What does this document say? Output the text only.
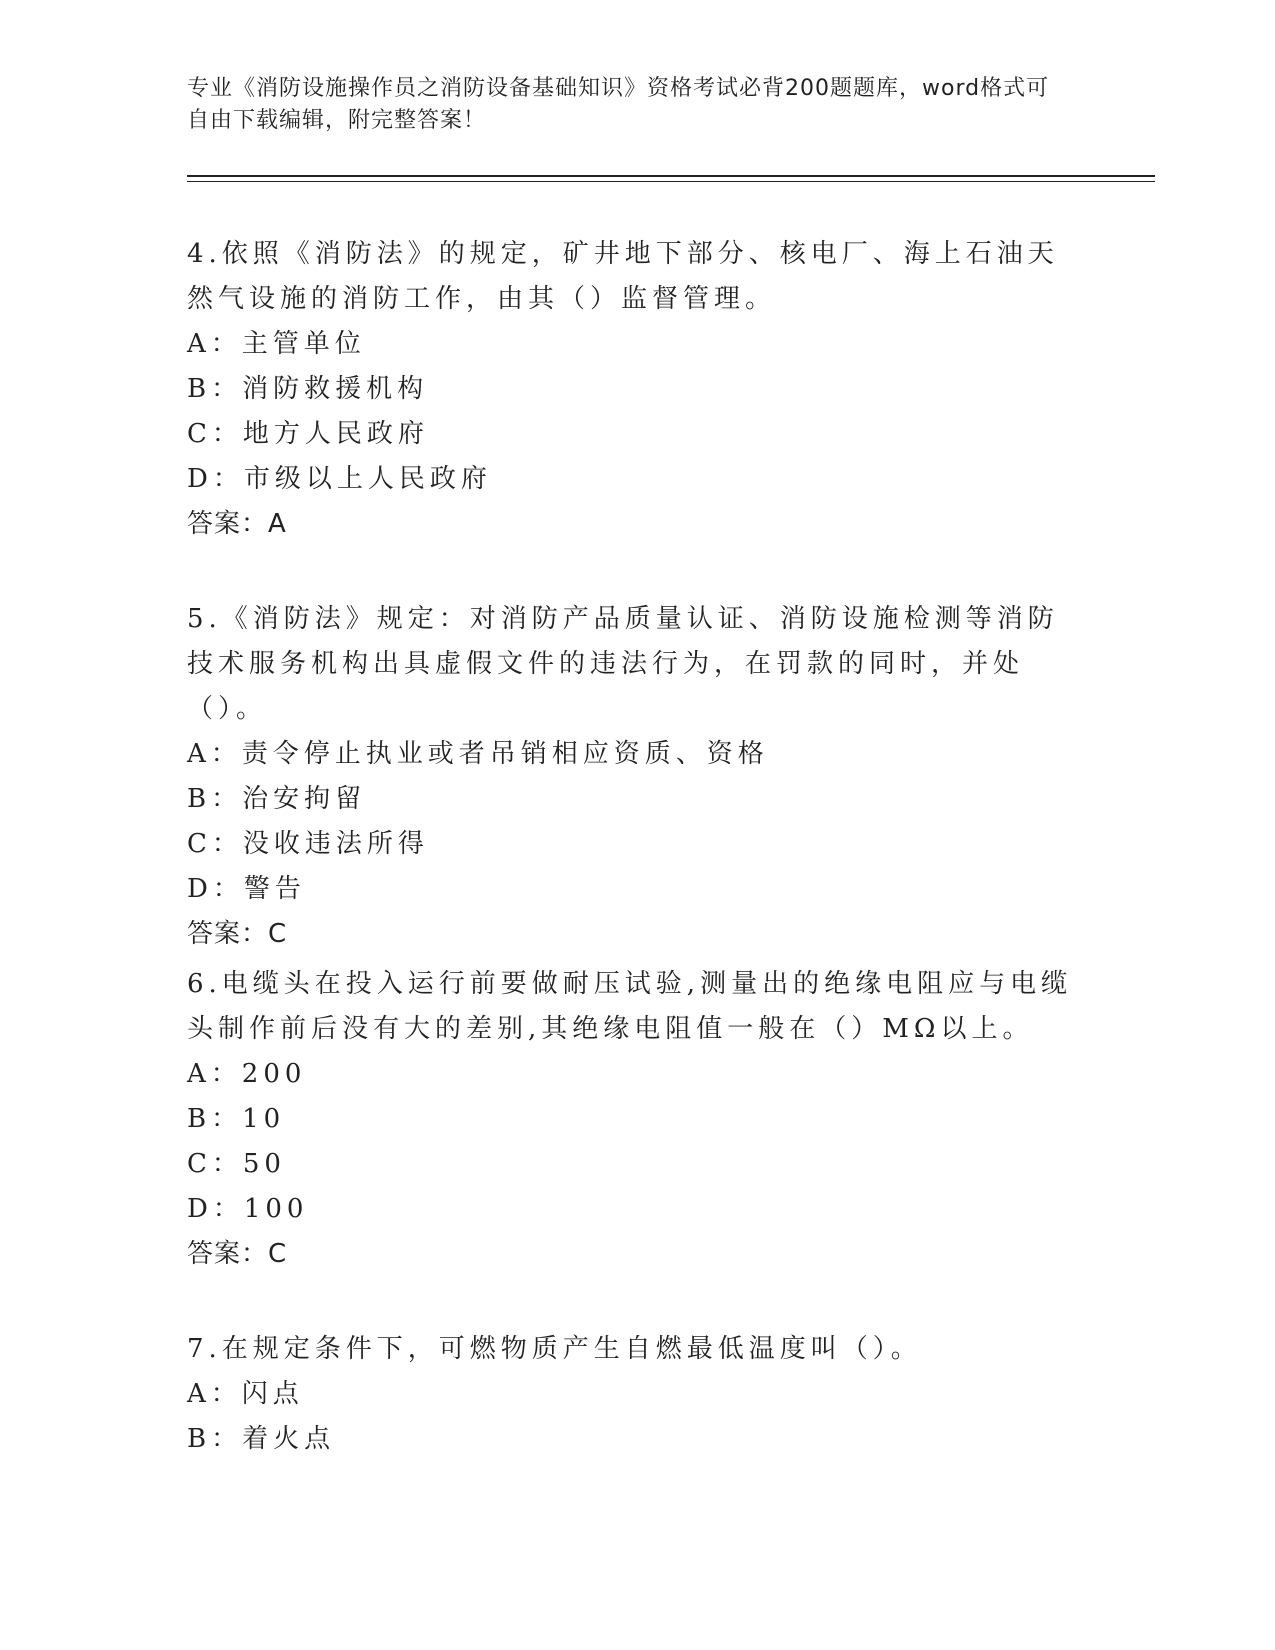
专业《消防设施操作员之消防设备基础知识》资格考试必背200题题库，word格式可自由下载编辑，附完整答案！
4.依照《消防法》的规定，矿井地下部分、核电厂、海上石油天然气设施的消防工作，由其（）监督管理。
A：主管单位
B：消防救援机构
C：地方人民政府
D：市级以上人民政府
答案：A
5.《消防法》规定：对消防产品质量认证、消防设施检测等消防技术服务机构出具虚假文件的违法行为，在罚款的同时，并处（）。
A：责令停止执业或者吊销相应资质、资格
B：治安拘留
C：没收违法所得
D：警告
答案：C
6.电缆头在投入运行前要做耐压试验,测量出的绝缘电阻应与电缆头制作前后没有大的差别,其绝缘电阻值一般在（）MΩ以上。
A：200
B：10
C：50
D：100
答案：C
7.在规定条件下，可燃物质产生自燃最低温度叫（）。
A：闪点
B：着火点
